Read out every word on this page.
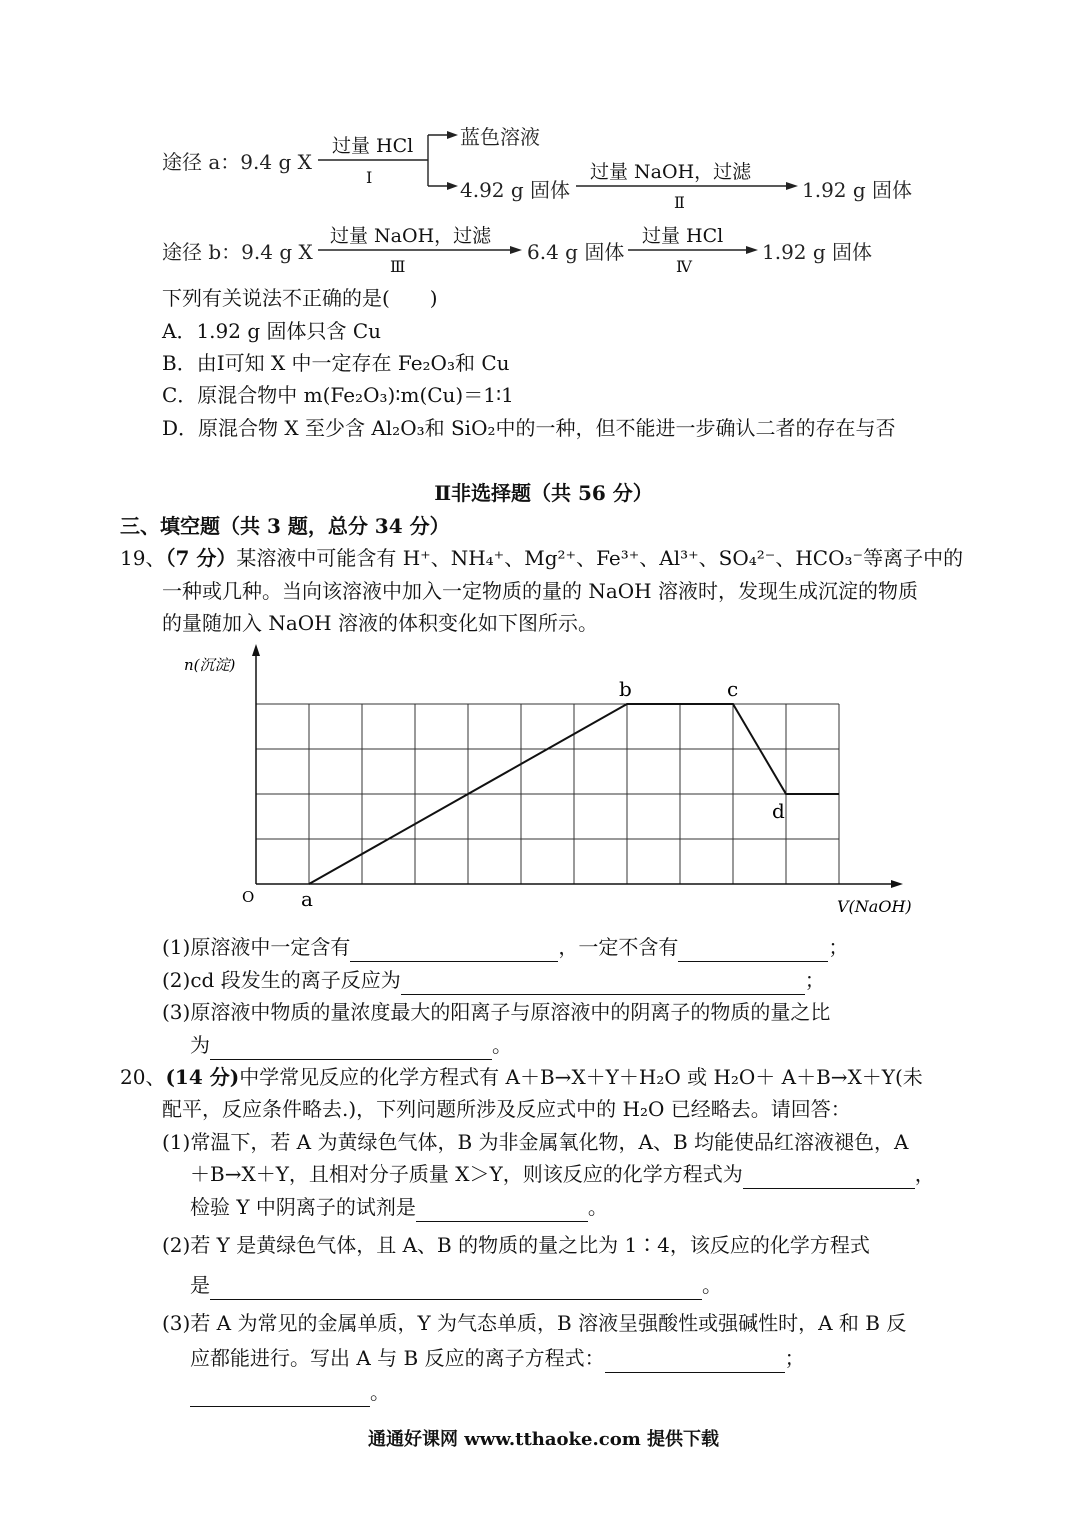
途径 a：9.4 g X
过量 HCl
Ⅰ
蓝色溶液
4.92 g 固体
过量 NaOH，过滤
Ⅱ
1.92 g 固体
途径 b：9.4 g X
过量 NaOH，过滤
Ⅲ
6.4 g 固体
过量 HCl
Ⅳ
1.92 g 固体
下列有关说法不正确的是(　　)
A．1.92 g 固体只含 Cu
B．由Ⅰ可知 X 中一定存在 Fe₂O₃和 Cu
C．原混合物中 m(Fe₂O₃)∶m(Cu)＝1∶1
D．原混合物 X 至少含 Al₂O₃和 SiO₂中的一种，但不能进一步确认二者的存在与否
Ⅱ非选择题（共 56 分）
三、填空题（共 3 题，总分 34 分）
19、（7 分）某溶液中可能含有 H⁺、NH₄⁺、Mg²⁺、Fe³⁺、Al³⁺、SO₄²⁻、HCO₃⁻等离子中的
一种或几种。当向该溶液中加入一定物质的量的 NaOH 溶液时，发现生成沉淀的物质
的量随加入 NaOH 溶液的体积变化如下图所示。
a
b	c
d
n(沉淀)
V(NaOH)
O
(1)原溶液中一定含有	，一定不含有	；
(2)cd 段发生的离子反应为	；
(3)原溶液中物质的量浓度最大的阳离子与原溶液中的阴离子的物质的量之比
为	。
20、(14 分)中学常见反应的化学方程式有 A＋B→X＋Y＋H₂O 或 H₂O＋ A＋B→X＋Y(未
配平，反应条件略去.)，下列问题所涉及反应式中的 H₂O 已经略去。请回答：
(1)常温下，若 A 为黄绿色气体，B 为非金属氧化物，A、B 均能使品红溶液褪色，A
＋B→X＋Y，且相对分子质量 X＞Y，则该反应的化学方程式为	，
检验 Y 中阴离子的试剂是	。
(2)若 Y 是黄绿色气体，且 A、B 的物质的量之比为 1∶4，该反应的化学方程式
是	。
(3)若 A 为常见的金属单质，Y 为气态单质，B 溶液呈强酸性或强碱性时，A 和 B 反
应都能进行。写出 A 与 B 反应的离子方程式：	；
。
通通好课网 www.tthaoke.com 提供下载
